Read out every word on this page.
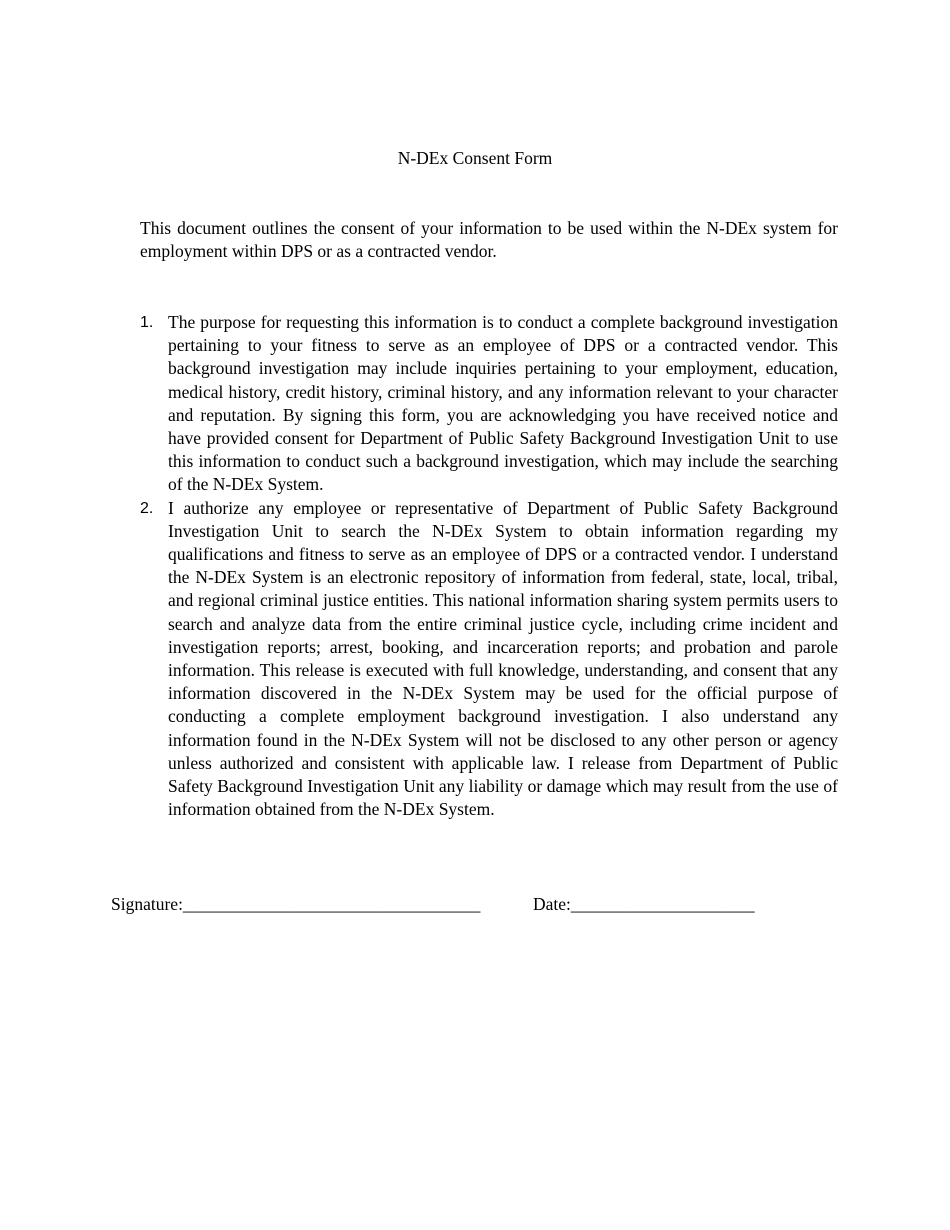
N-DEx Consent Form
This document outlines the consent of your information to be used within the N-DEx system for employment within DPS or as a contracted vendor.
1. The purpose for requesting this information is to conduct a complete background investigation pertaining to your fitness to serve as an employee of DPS or a contracted vendor. This background investigation may include inquiries pertaining to your employment, education, medical history, credit history, criminal history, and any information relevant to your character and reputation. By signing this form, you are acknowledging you have received notice and have provided consent for Department of Public Safety Background Investigation Unit to use this information to conduct such a background investigation, which may include the searching of the N-DEx System.
2. I authorize any employee or representative of Department of Public Safety Background Investigation Unit to search the N-DEx System to obtain information regarding my qualifications and fitness to serve as an employee of DPS or a contracted vendor. I understand the N-DEx System is an electronic repository of information from federal, state, local, tribal, and regional criminal justice entities. This national information sharing system permits users to search and analyze data from the entire criminal justice cycle, including crime incident and investigation reports; arrest, booking, and incarceration reports; and probation and parole information. This release is executed with full knowledge, understanding, and consent that any information discovered in the N-DEx System may be used for the official purpose of conducting a complete employment background investigation. I also understand any information found in the N-DEx System will not be disclosed to any other person or agency unless authorized and consistent with applicable law. I release from Department of Public Safety Background Investigation Unit any liability or damage which may result from the use of information obtained from the N-DEx System.
Signature:__________________________________	Date:_____________________
